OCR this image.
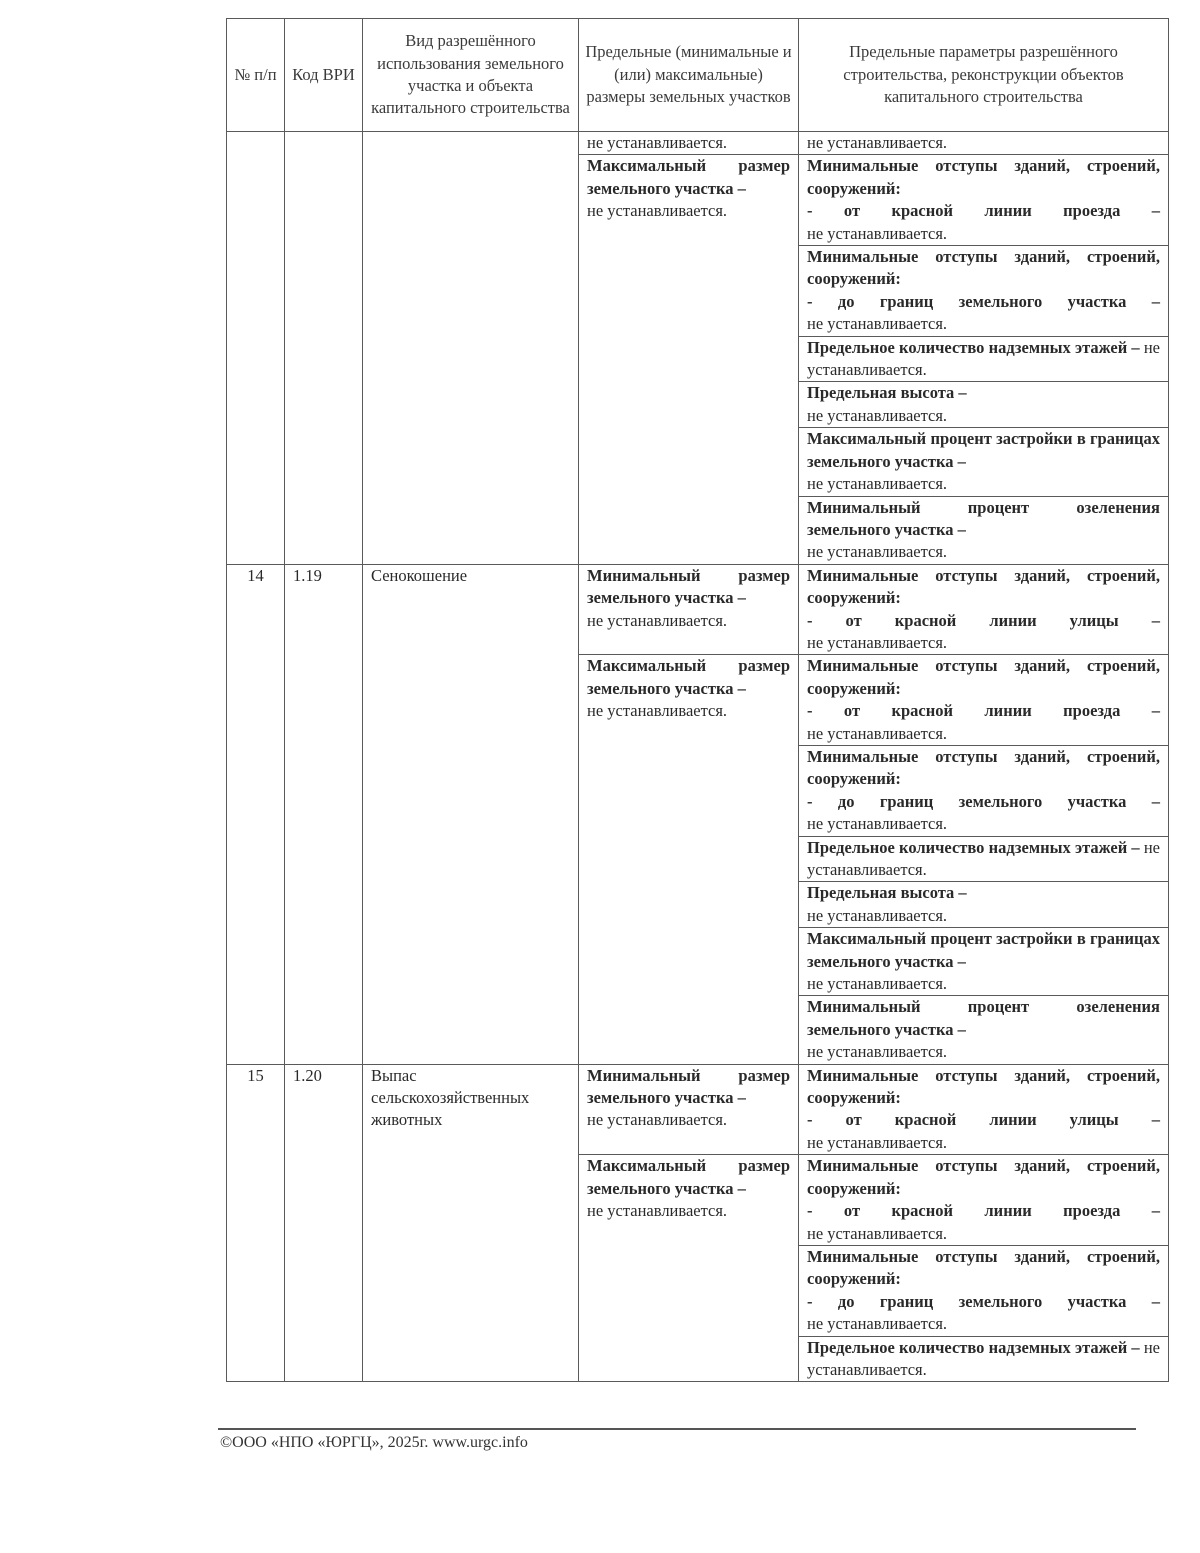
№ п/п	Код ВРИ	Вид разрешённого использования земельного участка и объекта капитального строительства	Предельные (минимальные и (или) максимальные) размеры земельных участков	Предельные параметры разрешённого строительства, реконструкции объектов капитального строительства

			не устанавливается.	не устанавливается.

			Максимальный размер земельного участка –
не устанавливается.	Минимальные отступы зданий, строений, сооружений:

- от красной линии проезда –
не устанавливается.
				Минимальные отступы зданий, строений, сооружений:

- до границ земельного участка –
не устанавливается.
				Предельное количество надземных этажей – не устанавливается.
				Предельная высота –
не устанавливается.
				Максимальный процент застройки в границах земельного участка –
не устанавливается.
				Минимальный процент озеленения земельного участка –
не устанавливается.

14	1.19	Сенокошение	Минимальный размер земельного участка –
не устанавливается.	Минимальные отступы зданий, строений, сооружений:

- от красной линии улицы –
не устанавливается.
			Максимальный размер земельного участка –
не устанавливается.	Минимальные отступы зданий, строений, сооружений:

- от красной линии проезда –
не устанавливается.
				Минимальные отступы зданий, строений, сооружений:

- до границ земельного участка –
не устанавливается.
				Предельное количество надземных этажей – не устанавливается.
				Предельная высота –
не устанавливается.
				Максимальный процент застройки в границах земельного участка –
не устанавливается.
				Минимальный процент озеленения земельного участка –
не устанавливается.
15	1.20	Выпас сельскохозяйственных животных	Минимальный размер земельного участка –
не устанавливается.	Минимальные отступы зданий, строений, сооружений:

- от красной линии улицы –
не устанавливается.
			Максимальный размер земельного участка –
не устанавливается.	Минимальные отступы зданий, строений, сооружений:

- от красной линии проезда –
не устанавливается.
				Минимальные отступы зданий, строений, сооружений:

- до границ земельного участка –
не устанавливается.
				Предельное количество надземных этажей – не устанавливается.
©ООО «НПО «ЮРГЦ», 2025г. www.urgc.info
